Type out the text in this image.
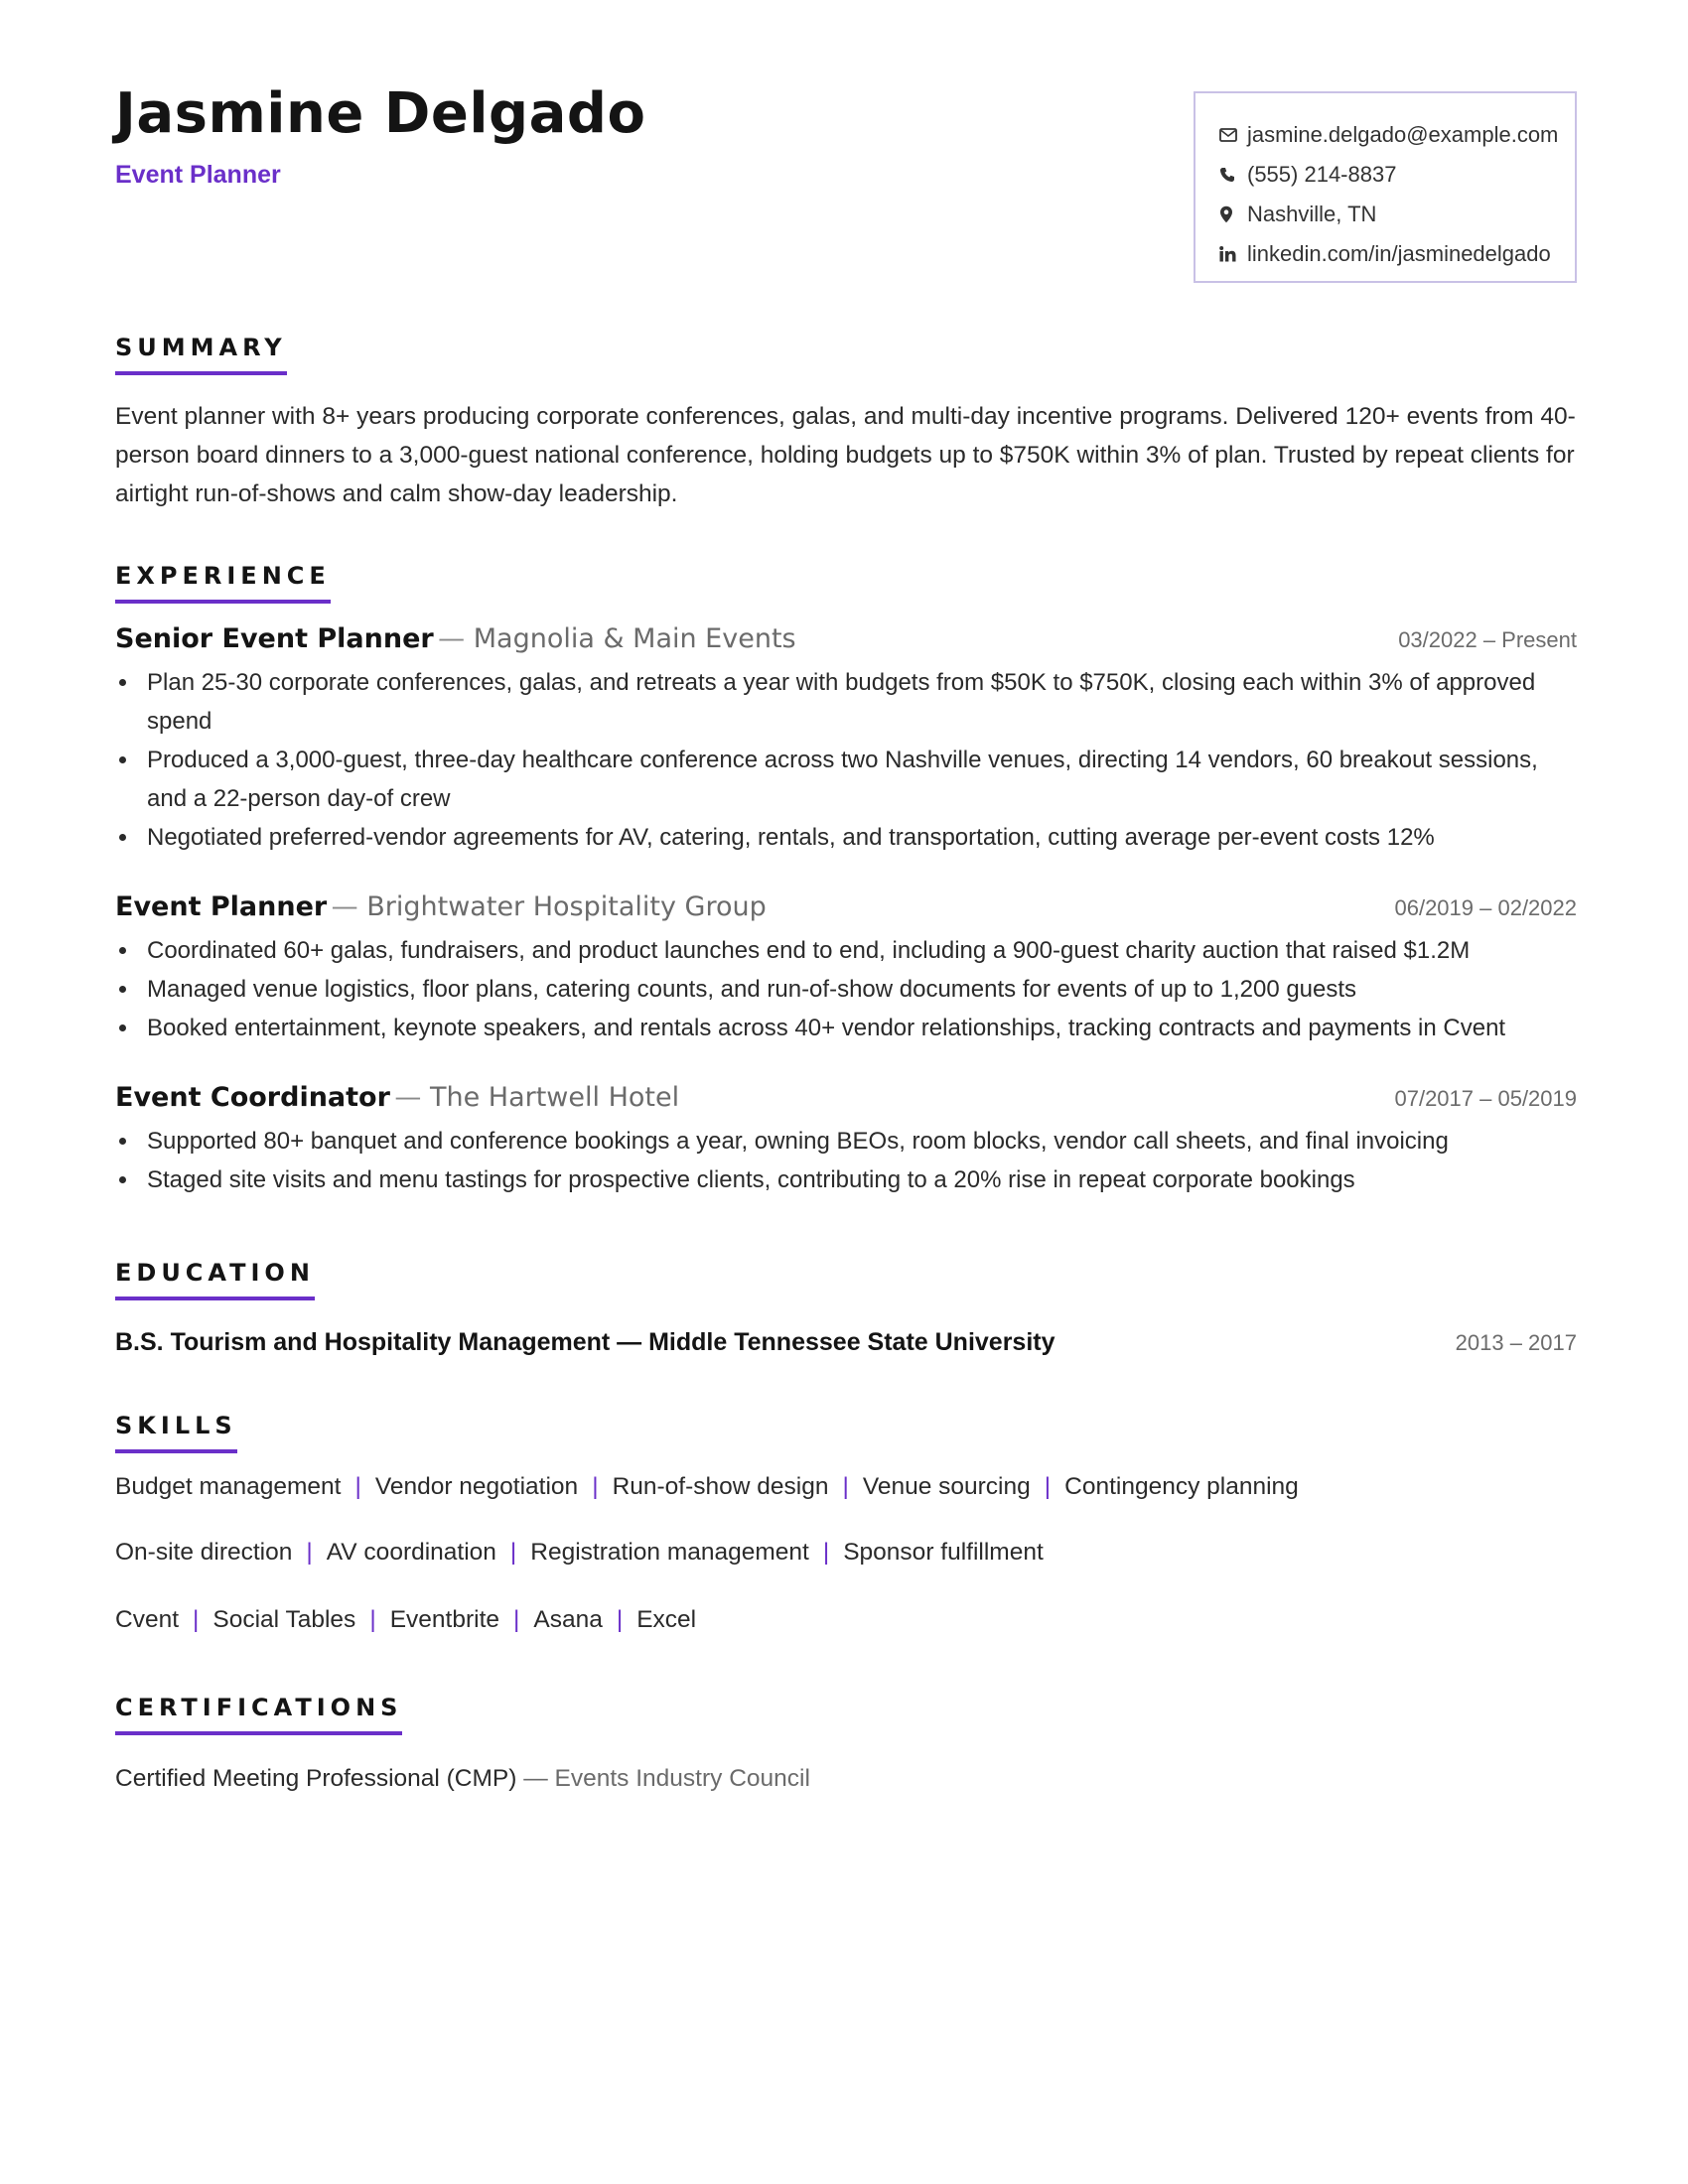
Jasmine Delgado
Event Planner
jasmine.delgado@example.com
(555) 214-8837
Nashville, TN
linkedin.com/in/jasminedelgado
SUMMARY

Event planner with 8+ years producing corporate conferences, galas, and multi-day incentive programs. Delivered 120+ events from 40-person board dinners to a 3,000-guest national conference, holding budgets up to $750K within 3% of plan. Trusted by repeat clients for airtight run-of-shows and calm show-day leadership.

EXPERIENCE
Senior Event Planner — Magnolia & Main Events	03/2022 – Present
Plan 25-30 corporate conferences, galas, and retreats a year with budgets from $50K to $750K, closing each within 3% of approved spend
Produced a 3,000-guest, three-day healthcare conference across two Nashville venues, directing 14 vendors, 60 breakout sessions, and a 22-person day-of crew
Negotiated preferred-vendor agreements for AV, catering, rentals, and transportation, cutting average per-event costs 12%
Event Planner — Brightwater Hospitality Group	06/2019 – 02/2022
Coordinated 60+ galas, fundraisers, and product launches end to end, including a 900-guest charity auction that raised $1.2M
Managed venue logistics, floor plans, catering counts, and run-of-show documents for events of up to 1,200 guests
Booked entertainment, keynote speakers, and rentals across 40+ vendor relationships, tracking contracts and payments in Cvent
Event Coordinator — The Hartwell Hotel	07/2017 – 05/2019
Supported 80+ banquet and conference bookings a year, owning BEOs, room blocks, vendor call sheets, and final invoicing
Staged site visits and menu tastings for prospective clients, contributing to a 20% rise in repeat corporate bookings
EDUCATION
B.S. Tourism and Hospitality Management — Middle Tennessee State University	2013 – 2017
SKILLS
Budget management | Vendor negotiation | Run-of-show design | Venue sourcing | Contingency planning
On-site direction | AV coordination | Registration management | Sponsor fulfillment
Cvent | Social Tables | Eventbrite | Asana | Excel
CERTIFICATIONS
Certified Meeting Professional (CMP) — Events Industry Council
